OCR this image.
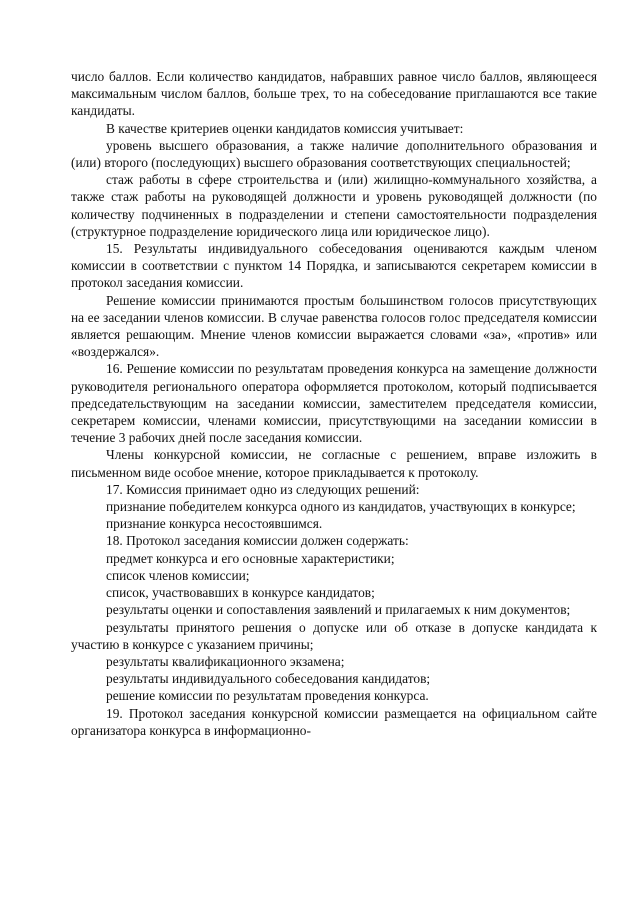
число баллов. Если количество кандидатов, набравших равное число баллов, являющееся максимальным числом баллов, больше трех, то на собеседование приглашаются все такие кандидаты.

В качестве критериев оценки кандидатов комиссия учитывает:

уровень высшего образования, а также наличие дополнительного образования и (или) второго (последующих) высшего образования соответствующих специальностей;

стаж работы в сфере строительства и (или) жилищно-коммунального хозяйства, а также стаж работы на руководящей должности и уровень руководящей должности (по количеству подчиненных в подразделении и степени самостоятельности подразделения (структурное подразделение юридического лица или юридическое лицо).

15. Результаты индивидуального собеседования оцениваются каждым членом комиссии в соответствии с пунктом 14 Порядка, и записываются секретарем комиссии в протокол заседания комиссии.

Решение комиссии принимаются простым большинством голосов присутствующих на ее заседании членов комиссии. В случае равенства голосов голос председателя комиссии является решающим. Мнение членов комиссии выражается словами «за», «против» или «воздержался».

16. Решение комиссии по результатам проведения конкурса на замещение должности руководителя регионального оператора оформляется протоколом, который подписывается председательствующим на заседании комиссии, заместителем председателя комиссии, секретарем комиссии, членами комиссии, присутствующими на заседании комиссии в течение 3 рабочих дней после заседания комиссии.

Члены конкурсной комиссии, не согласные с решением, вправе изложить в письменном виде особое мнение, которое прикладывается к протоколу.

17. Комиссия принимает одно из следующих решений:

признание победителем конкурса одного из кандидатов, участвующих в конкурсе;

признание конкурса несостоявшимся.

18. Протокол заседания комиссии должен содержать:

предмет конкурса и его основные характеристики;

список членов комиссии;

список, участвовавших в конкурсе кандидатов;

результаты оценки и сопоставления заявлений и прилагаемых к ним документов;

результаты принятого решения о допуске или об отказе в допуске кандидата к участию в конкурсе с указанием причины;

результаты квалификационного экзамена;

результаты индивидуального собеседования кандидатов;

решение комиссии по результатам проведения конкурса.

19. Протокол заседания конкурсной комиссии размещается на официальном сайте организатора конкурса в информационно-
